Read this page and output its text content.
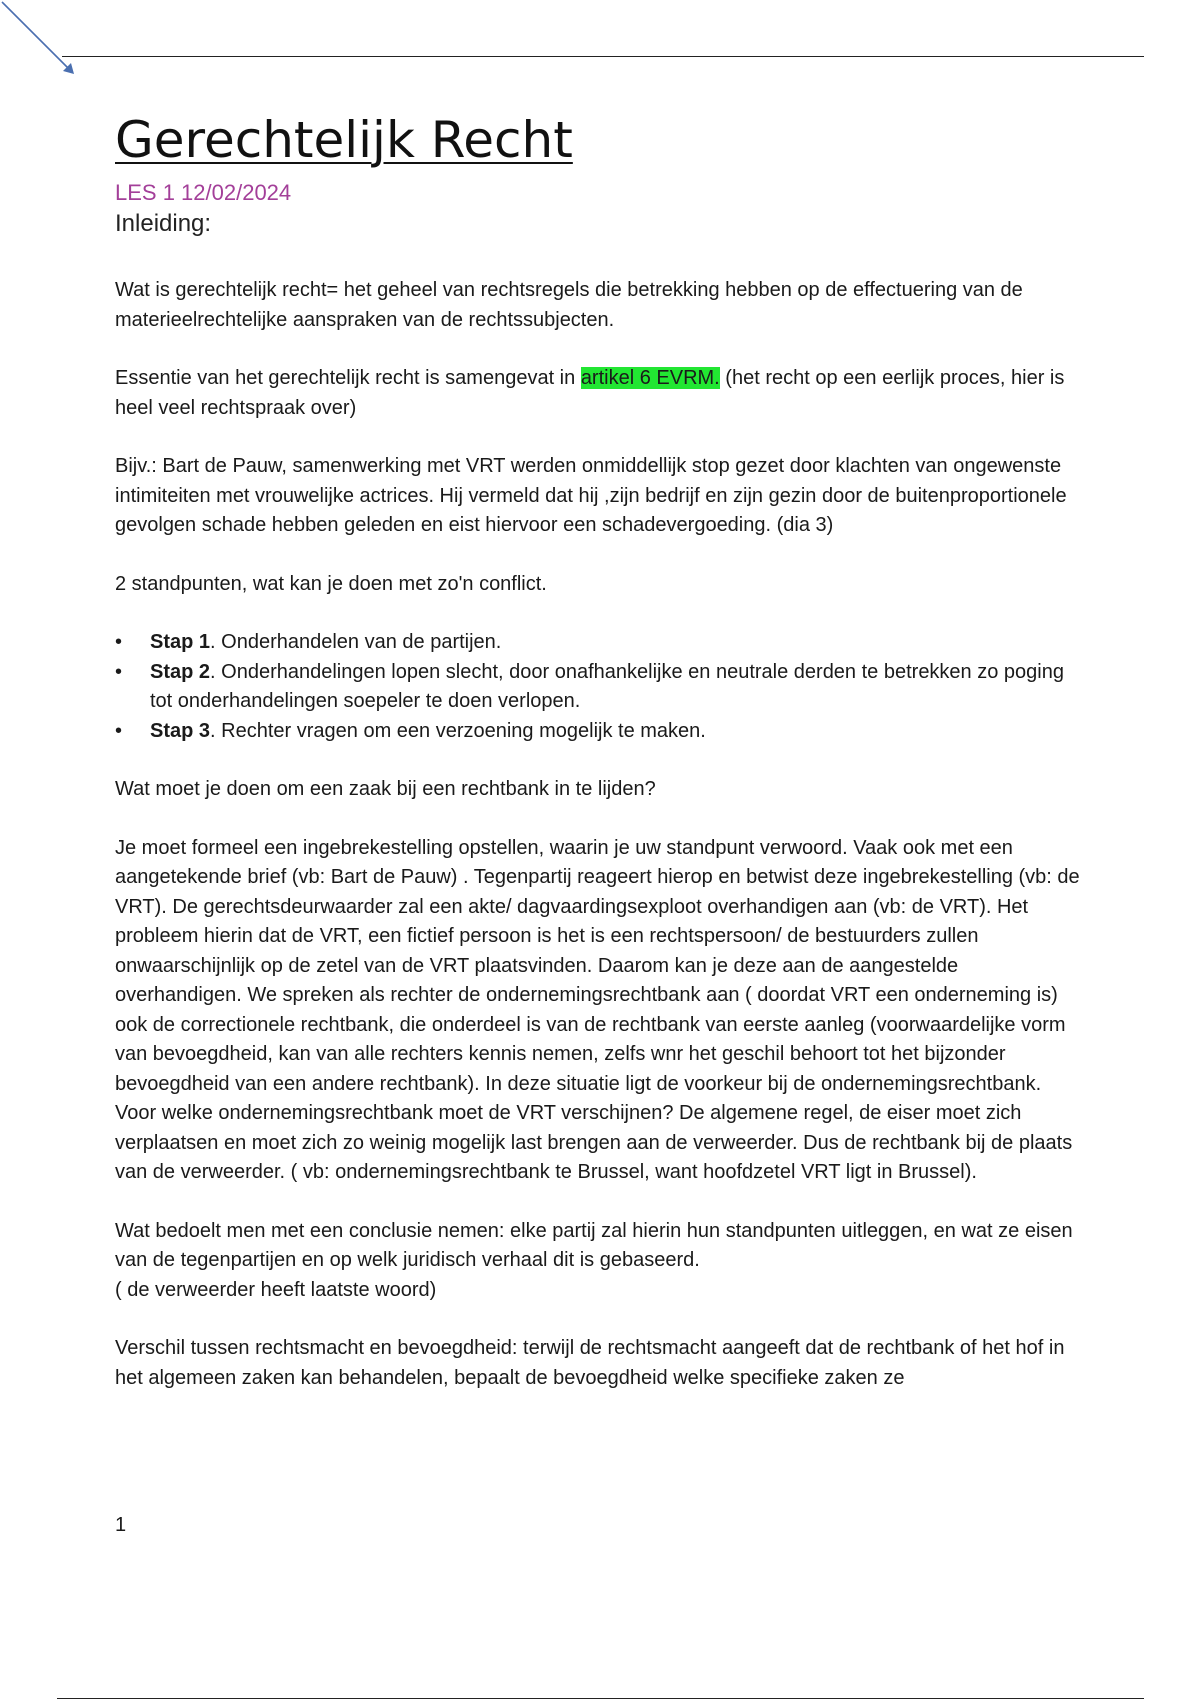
Gerechtelijk Recht
LES 1 12/02/2024
Inleiding:

Wat is gerechtelijk recht= het geheel van rechtsregels die betrekking hebben op de effectuering van de materieelrechtelijke aanspraken van de rechtssubjecten.

Essentie van het gerechtelijk recht is samengevat in artikel 6 EVRM. (het recht op een eerlijk proces, hier is heel veel rechtspraak over)

Bijv.: Bart de Pauw, samenwerking met VRT werden onmiddellijk stop gezet door klachten van ongewenste intimiteiten met vrouwelijke actrices. Hij vermeld dat hij ,zijn bedrijf en zijn gezin door de buitenproportionele gevolgen schade hebben geleden en eist hiervoor een schadevergoeding. (dia 3)

2 standpunten, wat kan je doen met zo'n conflict.

• Stap 1. Onderhandelen van de partijen.
• Stap 2. Onderhandelingen lopen slecht, door onafhankelijke en neutrale derden te betrekken zo poging tot onderhandelingen soepeler te doen verlopen.
• Stap 3. Rechter vragen om een verzoening mogelijk te maken.

Wat moet je doen om een zaak bij een rechtbank in te lijden?

Je moet formeel een ingebrekestelling opstellen, waarin je uw standpunt verwoord. Vaak ook met een aangetekende brief (vb: Bart de Pauw) . Tegenpartij reageert hierop en betwist deze ingebrekestelling (vb: de VRT). De gerechtsdeurwaarder zal een akte/ dagvaardingsexploot overhandigen aan (vb: de VRT). Het probleem hierin dat de VRT, een fictief persoon is het is een rechtspersoon/ de bestuurders zullen onwaarschijnlijk op de zetel van de VRT plaatsvinden. Daarom kan je deze aan de aangestelde overhandigen. We spreken als rechter de ondernemingsrechtbank aan ( doordat VRT een onderneming is) ook de correctionele rechtbank, die onderdeel is van de rechtbank van eerste aanleg (voorwaardelijke vorm van bevoegdheid, kan van alle rechters kennis nemen, zelfs wnr het geschil behoort tot het bijzonder bevoegdheid van een andere rechtbank). In deze situatie ligt de voorkeur bij de ondernemingsrechtbank.

Voor welke ondernemingsrechtbank moet de VRT verschijnen? De algemene regel, de eiser moet zich verplaatsen en moet zich zo weinig mogelijk last brengen aan de verweerder. Dus de rechtbank bij de plaats van de verweerder. ( vb: ondernemingsrechtbank te Brussel, want hoofdzetel VRT ligt in Brussel).

Wat bedoelt men met een conclusie nemen: elke partij zal hierin hun standpunten uitleggen, en wat ze eisen van de tegenpartijen en op welk juridisch verhaal dit is gebaseerd.

( de verweerder heeft laatste woord)

Verschil tussen rechtsmacht en bevoegdheid: terwijl de rechtsmacht aangeeft dat de rechtbank of het hof in het algemeen zaken kan behandelen, bepaalt de bevoegdheid welke specifieke zaken ze

1
